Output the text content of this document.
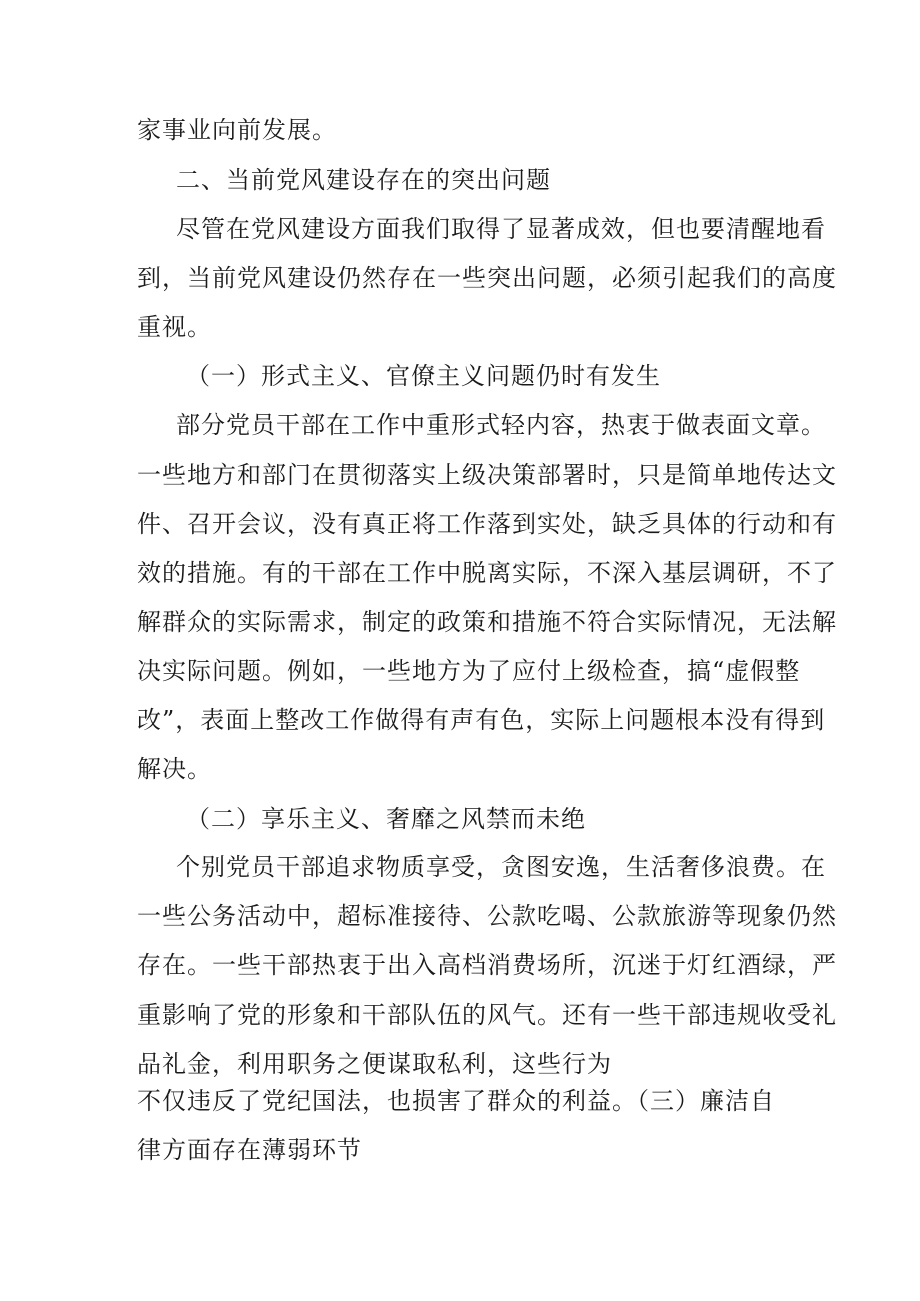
家事业向前发展。
二、当前党风建设存在的突出问题
尽管在党风建设方面我们取得了显著成效，但也要清醒地看
到，当前党风建设仍然存在一些突出问题，必须引起我们的高度
重视。
（一）形式主义、官僚主义问题仍时有发生
部分党员干部在工作中重形式轻内容，热衷于做表面文章。
一些地方和部门在贯彻落实上级决策部署时，只是简单地传达文
件、召开会议，没有真正将工作落到实处，缺乏具体的行动和有
效的措施。有的干部在工作中脱离实际，不深入基层调研，不了
解群众的实际需求，制定的政策和措施不符合实际情况，无法解
决实际问题。例如，一些地方为了应付上级检查，搞“虚假整
改”，表面上整改工作做得有声有色，实际上问题根本没有得到
解决。
（二）享乐主义、奢靡之风禁而未绝
个别党员干部追求物质享受，贪图安逸，生活奢侈浪费。在
一些公务活动中，超标准接待、公款吃喝、公款旅游等现象仍然
存在。一些干部热衷于出入高档消费场所，沉迷于灯红酒绿，严
重影响了党的形象和干部队伍的风气。还有一些干部违规收受礼
品礼金，利用职务之便谋取私利，这些行为
不仅违反了党纪国法，也损害了群众的利益。（三）廉洁自
律方面存在薄弱环节
